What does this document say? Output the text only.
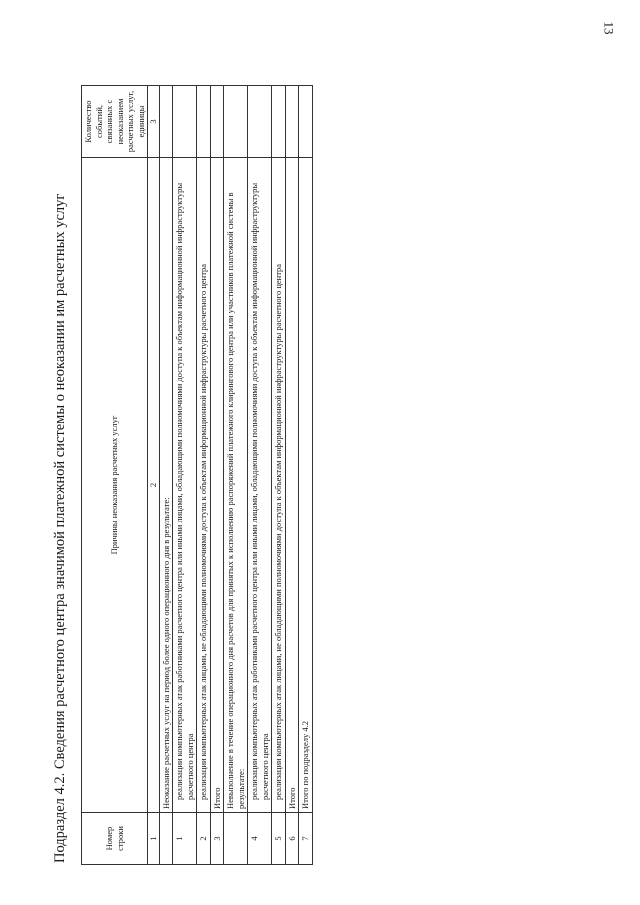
13
Подраздел 4.2. Сведения расчетного центра значимой платежной системы о неоказании им расчетных услуг	Номер строки	Причины неоказания расчетных услуг	Количество событий, связанных с неоказанием расчетных услуг, единицы
1	2	3
	Неоказание расчетных услуг на период более одного операционного дня в результате:	
1	реализации компьютерных атак работниками расчетного центра или иными лицами, обладающими полномочиями доступа к объектам информационной инфраструктуры расчетного центра	
2	реализации компьютерных атак лицами, не обладающими полномочиями доступа к объектам информационной инфраструктуры расчетного центра	
3	Итого	
	Невыполнение в течение операционного дня расчетов для принятых к исполнению распоряжений платежного клирингового центра или участников платежной системы в результате:	
4	реализации компьютерных атак работниками расчетного центра или иными лицами, обладающими полномочиями доступа к объектам информационной инфраструктуры расчетного центра	
5	реализации компьютерных атак лицами, не обладающими полномочиями доступа к объектам информационной инфраструктуры расчетного центра	
6	Итого	
7	Итого по подразделу 4.2	
